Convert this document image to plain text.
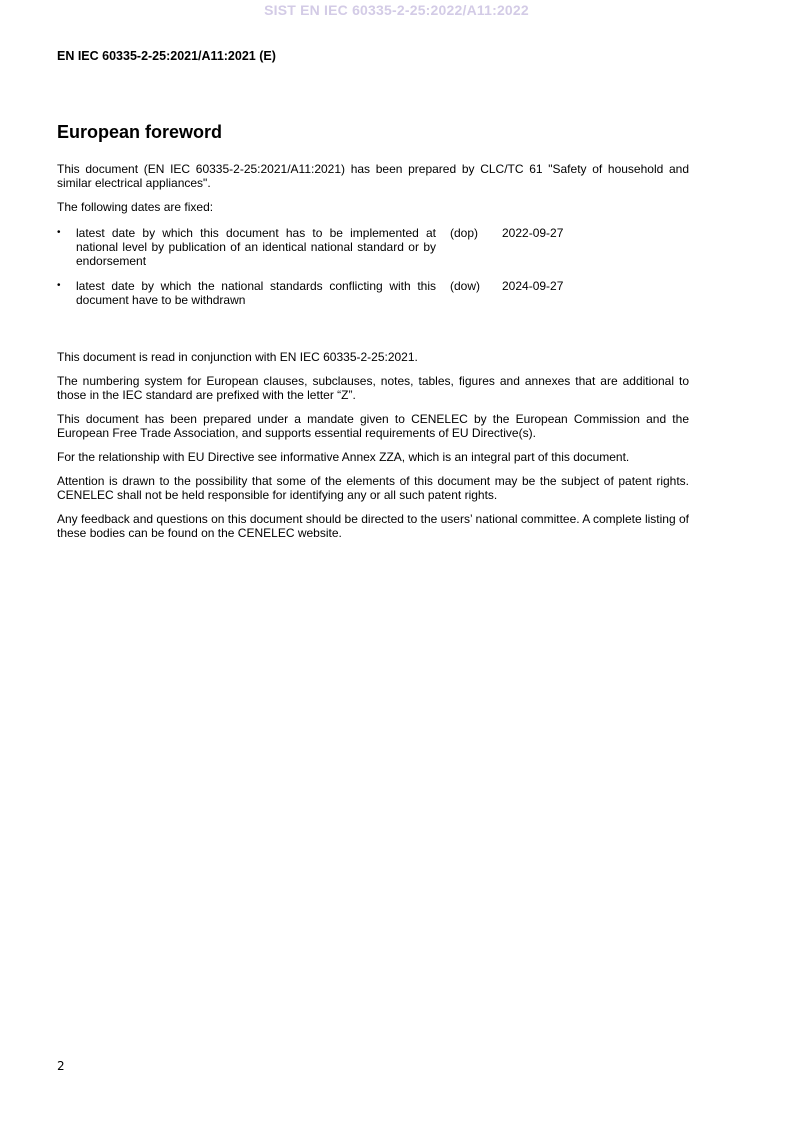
SIST EN IEC 60335-2-25:2022/A11:2022
EN IEC 60335-2-25:2021/A11:2021 (E)
European foreword

This document (EN IEC 60335-2-25:2021/A11:2021) has been prepared by CLC/TC 61 "Safety of household and similar electrical appliances".

The following dates are fixed:

•	latest date by which this document has to be implemented at national level by publication of an identical national standard or by endorsement
(dop)	2022-09-27
•	latest date by which the national standards conflicting with this document have to be withdrawn
(dow)	2024-09-27

This document is read in conjunction with EN IEC 60335-2-25:2021.

The numbering system for European clauses, subclauses, notes, tables, figures and annexes that are additional to those in the IEC standard are prefixed with the letter “Z”.

This document has been prepared under a mandate given to CENELEC by the European Commission and the European Free Trade Association, and supports essential requirements of EU Directive(s).

For the relationship with EU Directive see informative Annex ZZA, which is an integral part of this document.

Attention is drawn to the possibility that some of the elements of this document may be the subject of patent rights. CENELEC shall not be held responsible for identifying any or all such patent rights.

Any feedback and questions on this document should be directed to the users’ national committee. A complete listing of these bodies can be found on the CENELEC website.

2
